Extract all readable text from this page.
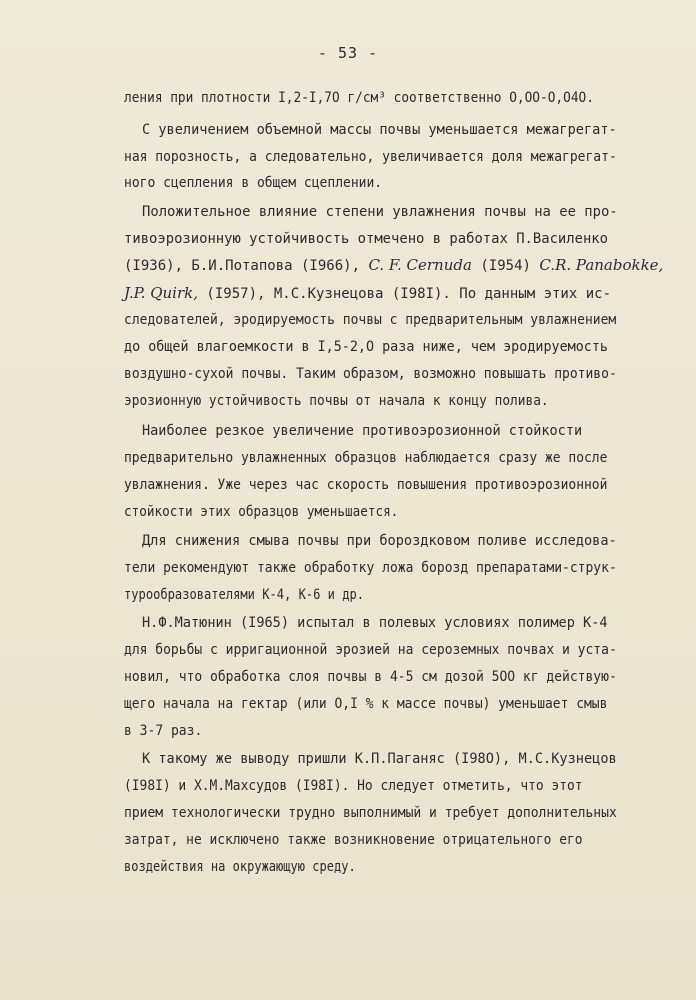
- 53 -
ления при плотности I,2-I,7O г/см³ соответственно О,ОО-О,О4О.
С увеличением объемной массы почвы уменьшается межагрегат-
ная порозность, а следовательно, увеличивается доля межагрегат-
ного сцепления в общем сцеплении.
Положительное влияние степени увлажнения почвы на ее про-
тивоэрозионную устойчивость отмечено в работах П.Василенко
(I936), Б.И.Потапова (I966), C. F. Cernuda (I954) C.R. Panabokke,
J.P. Quirk, (I957), М.С.Кузнецова (I98I). По данным этих ис-
следователей, эродируемость почвы с предварительным увлажнением
до общей влагоемкости в I,5-2,О раза ниже, чем эродируемость
воздушно-сухой почвы. Таким образом, возможно повышать противо-
эрозионную устойчивость почвы от начала к концу полива.
Наиболее резкое увеличение противоэрозионной стойкости
предварительно увлажненных образцов наблюдается сразу же после
увлажнения. Уже через час скорость повышения противоэрозионной
стойкости этих образцов уменьшается.
Для снижения смыва почвы при бороздковом поливе исследова-
тели рекомендуют также обработку ложа борозд препаратами-струк-
турообразователями К-4, К-6 и др.
Н.Ф.Матюнин (I965) испытал в полевых условиях полимер К-4
для борьбы с ирригационной эрозией на сероземных почвах и уста-
новил, что обработка слоя почвы в 4-5 см дозой 5ОО кг действую-
щего начала на гектар (или О,I % к массе почвы) уменьшает смыв
в 3-7 раз.
К такому же выводу пришли К.П.Паганяс (I98О), М.С.Кузнецов
(I98I) и Х.М.Махсудов (I98I). Но следует отметить, что этот
прием технологически трудно выполнимый и требует дополнительных
затрат, не исключено также возникновение отрицательного его
воздействия на окружающую среду.
